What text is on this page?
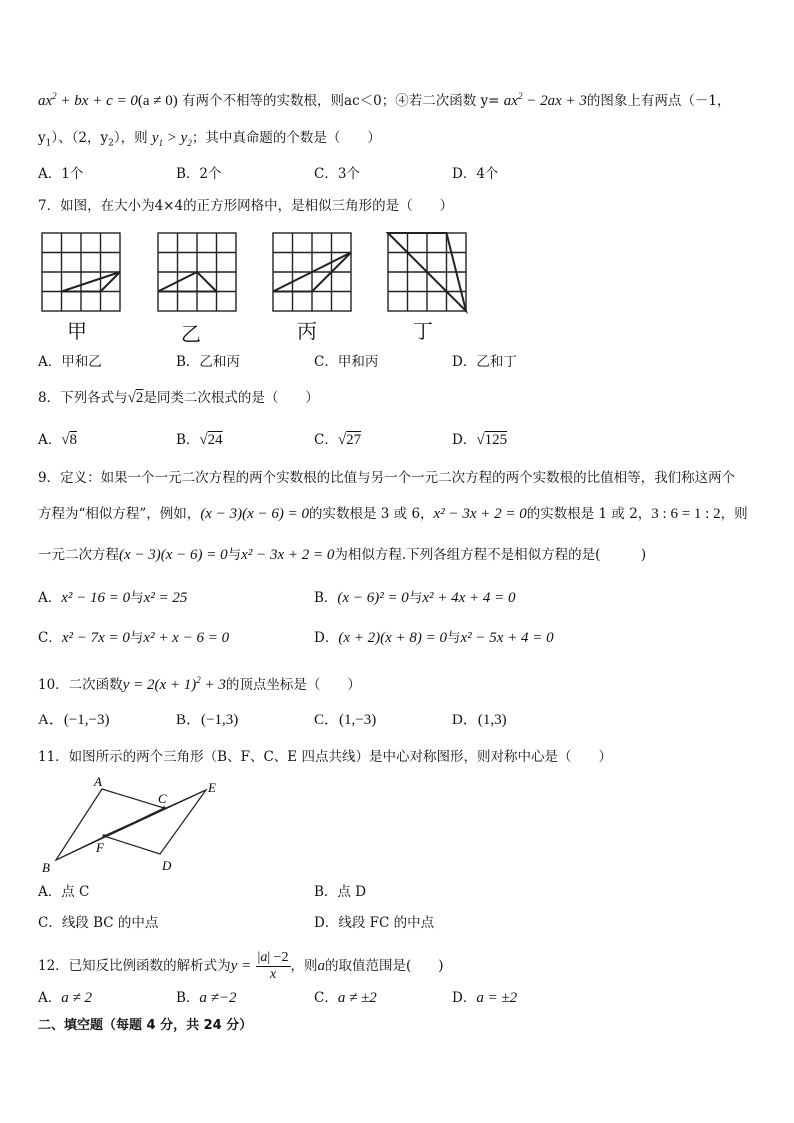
$ax^2$ + bx + c = 0(a ≠ 0) 有两个不相等的实数根，则ac＜0；④若二次函数 $y= ax^2 - 2ax + 3$的图象上有两点（－1，
$y_1$）、（2，$y_2$），则 $y_1 > y_2$；其中真命题的个数是（　　）
A．1个	B．2个	C．3个	D．4个
7．如图，在大小为4×4的正方形网格中，是相似三角形的是（　　）
甲	乙	丙	丁
A．甲和乙	B．乙和丙	C．甲和丙	D．乙和丁
8．下列各式与√2是同类二次根式的是（　　）
A．√8	B．√24	C．√27	D．√125
9．定义：如果一个一元二次方程的两个实数根的比值与另一个一元二次方程的两个实数根的比值相等，我们称这两个
方程为“相似方程”，例如，(x − 3)(x − 6) = 0的实数根是 3 或 6，x² − 3x + 2 = 0的实数根是 1 或 2，3 : 6 = 1 : 2，则
一元二次方程(x − 3)(x − 6) = 0与x² − 3x + 2 = 0为相似方程.下列各组方程不是相似方程的是(　　　)
A．x² − 16 = 0与x² = 25	B．(x − 6)² = 0与x² + 4x + 4 = 0
C．x² − 7x = 0与x² + x − 6 = 0	D．(x + 2)(x + 8) = 0与x² − 5x + 4 = 0
10．二次函数$y = 2(x + 1)^2 + 3$的顶点坐标是（　　）
A．(−1,−3)	B．(−1,3)	C．(1,−3)	D．(1,3)
11．如图所示的两个三角形（B、F、C、E 四点共线）是中心对称图形，则对称中心是（　　）
A
C
E
F
B	D
A．点 C	B．点 D
C．线段 BC 的中点	D．线段 FC 的中点
12．已知反比例函数的解析式为$y = \frac{|a| -2}{x}$ ，则a的取值范围是(　　)
A．a ≠ 2	B．a ≠−2	C．a ≠ ±2	D．a = ±2
二、填空题（每题 4 分，共 24 分）
